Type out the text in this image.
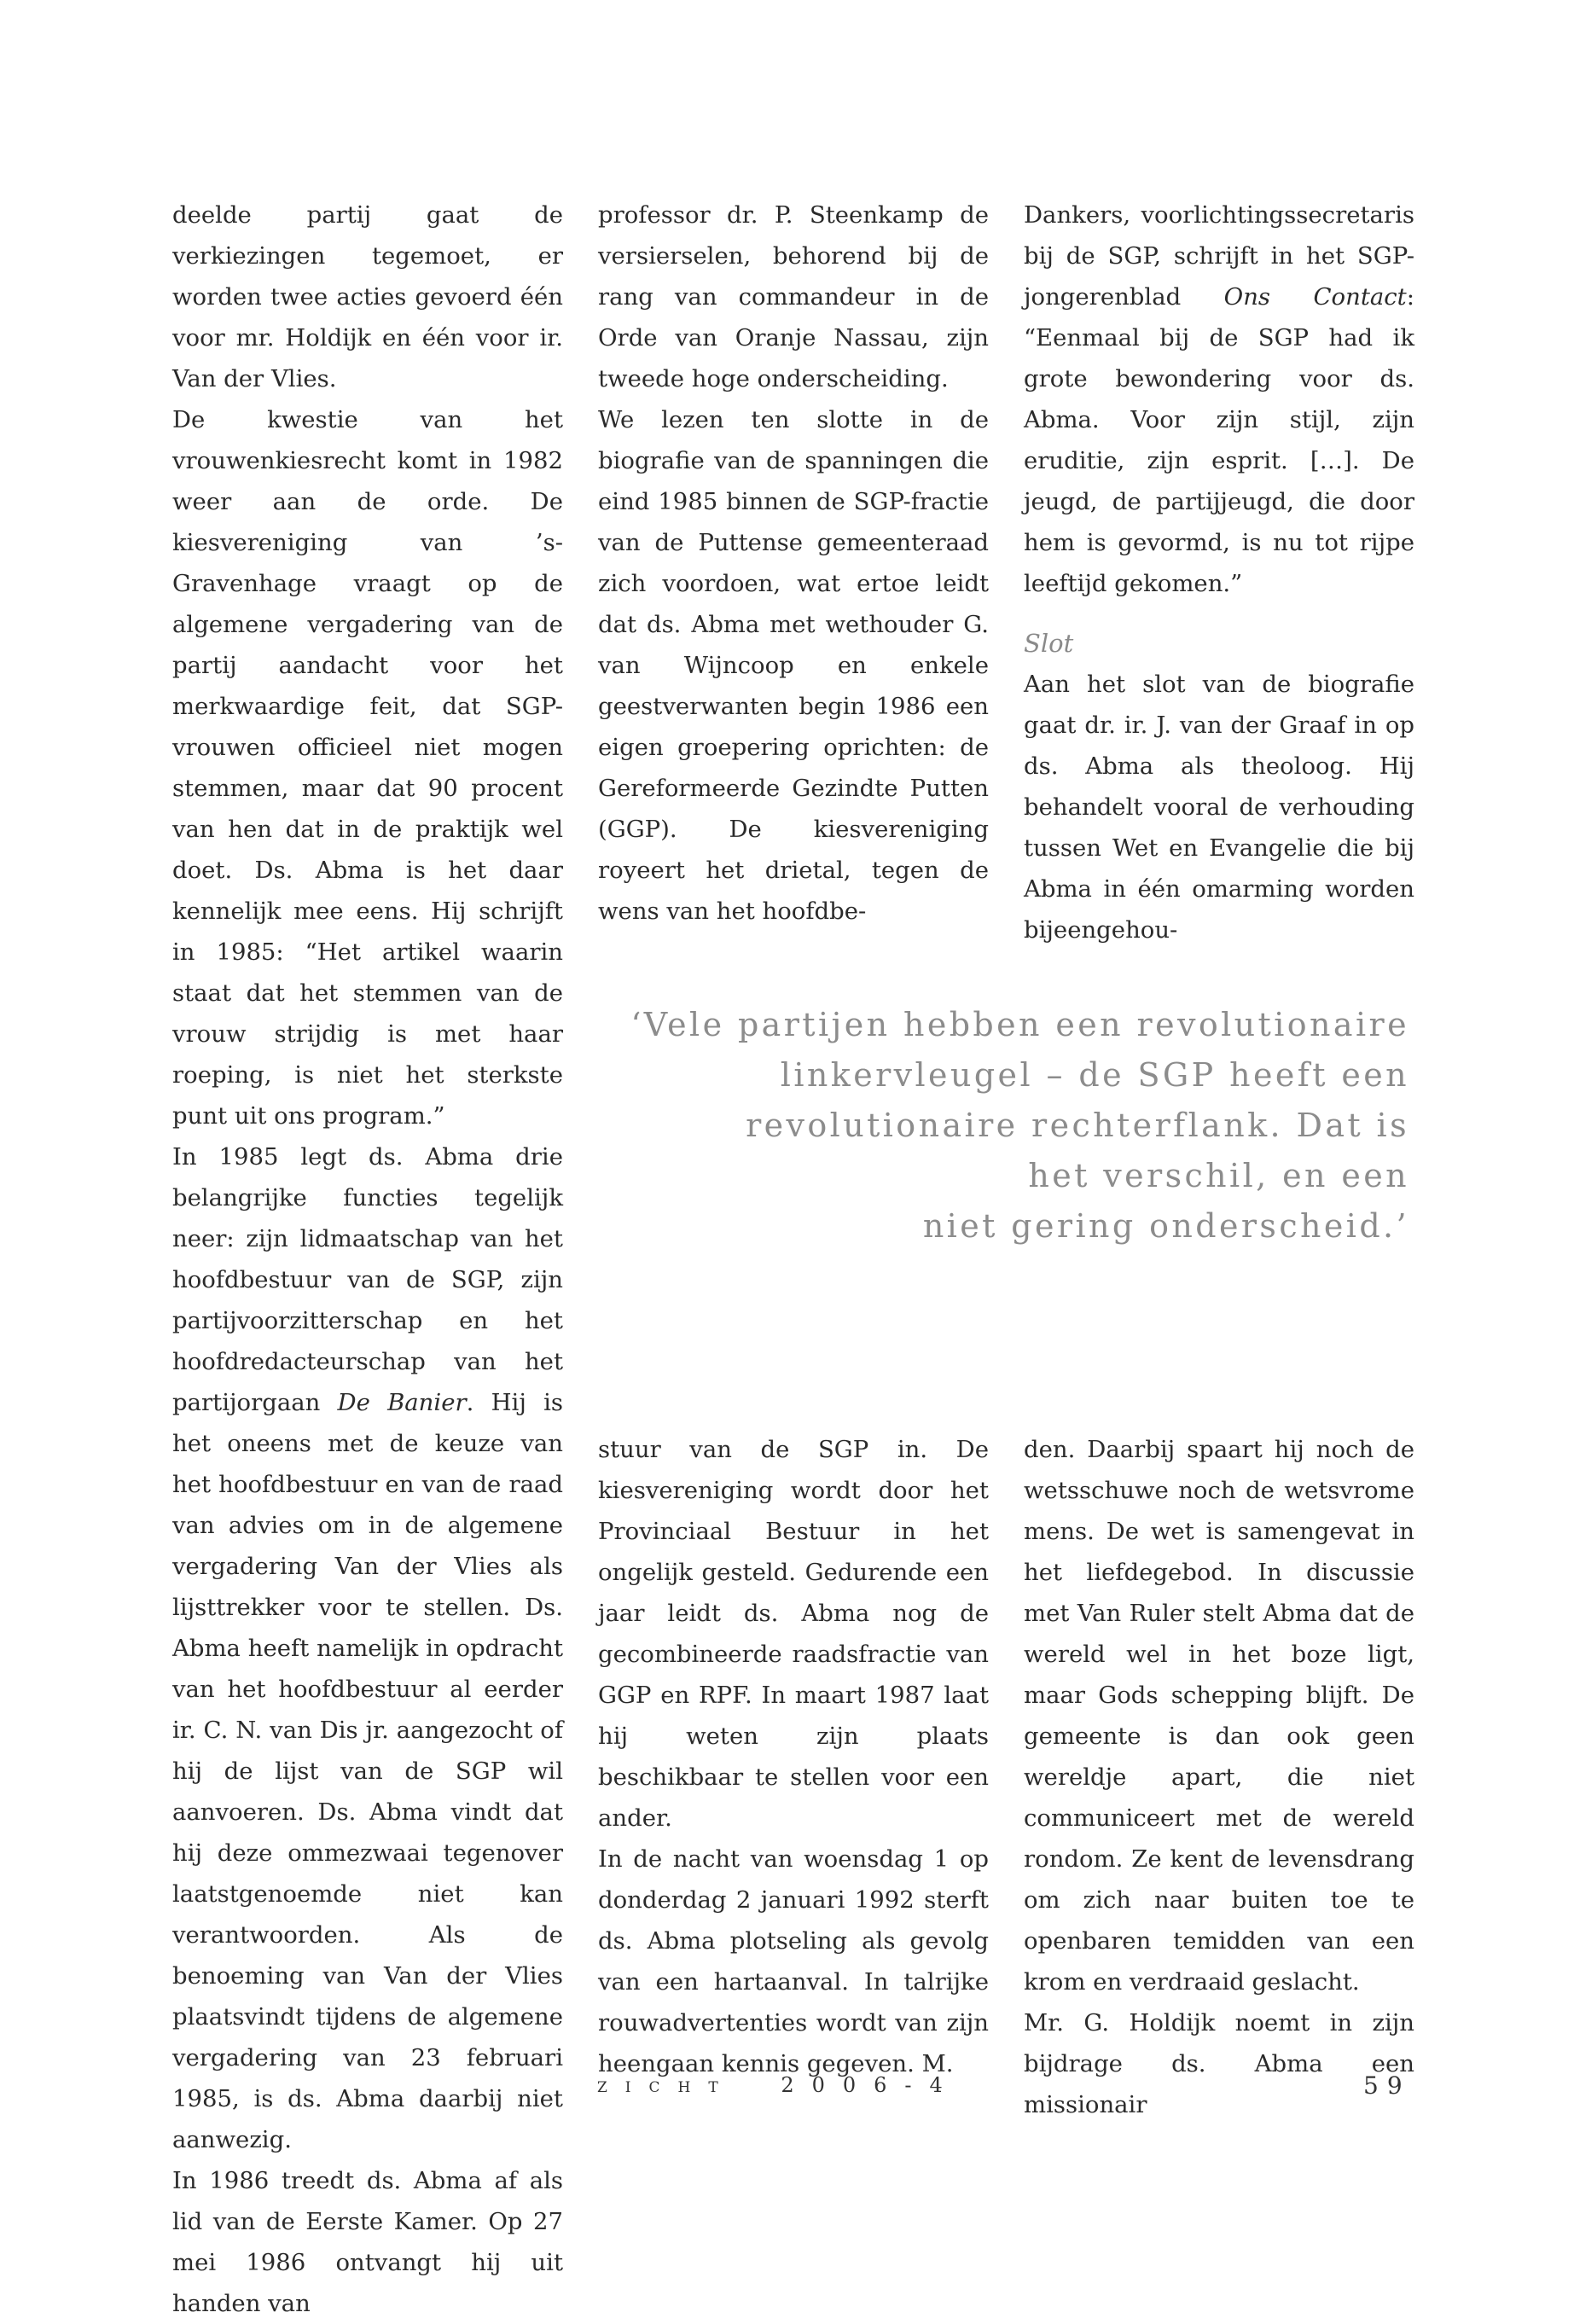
deelde partij gaat de verkiezingen tegemoet, er worden twee acties gevoerd één voor mr. Holdijk en één voor ir. Van der Vlies.

De kwestie van het vrouwenkiesrecht komt in 1982 weer aan de orde. De kiesvereniging van ’s-Gravenhage vraagt op de algemene vergadering van de partij aandacht voor het merkwaardige feit, dat SGP-vrouwen officieel niet mogen stemmen, maar dat 90 procent van hen dat in de praktijk wel doet. Ds. Abma is het daar kennelijk mee eens. Hij schrijft in 1985: “Het artikel waarin staat dat het stemmen van de vrouw strijdig is met haar roeping, is niet het sterkste punt uit ons program.”

In 1985 legt ds. Abma drie belangrijke functies tegelijk neer: zijn lidmaatschap van het hoofdbestuur van de SGP, zijn partijvoorzitterschap en het hoofdredacteurschap van het partijorgaan De Banier. Hij is het oneens met de keuze van het hoofdbestuur en van de raad van advies om in de algemene vergadering Van der Vlies als lijsttrekker voor te stellen. Ds. Abma heeft namelijk in opdracht van het hoofdbestuur al eerder ir. C. N. van Dis jr. aangezocht of hij de lijst van de SGP wil aanvoeren. Ds. Abma vindt dat hij deze ommezwaai tegenover laatstgenoemde niet kan verantwoorden. Als de benoeming van Van der Vlies plaatsvindt tijdens de algemene vergadering van 23 februari 1985, is ds. Abma daarbij niet aanwezig.

In 1986 treedt ds. Abma af als lid van de Eerste Kamer. Op 27 mei 1986 ontvangt hij uit handen van

professor dr. P. Steenkamp de versierselen, behorend bij de rang van commandeur in de Orde van Oranje Nassau, zijn tweede hoge onderscheiding.

We lezen ten slotte in de biografie van de spanningen die eind 1985 binnen de SGP-fractie van de Puttense gemeenteraad zich voordoen, wat ertoe leidt dat ds. Abma met wethouder G. van Wijncoop en enkele geestverwanten begin 1986 een eigen groepering oprichten: de Gereformeerde Gezindte Putten (GGP). De kiesvereniging royeert het drietal, tegen de wens van het hoofdbe-

Dankers, voorlichtingssecretaris bij de SGP, schrijft in het SGP-jongerenblad Ons Contact: “Eenmaal bij de SGP had ik grote bewondering voor ds. Abma. Voor zijn stijl, zijn eruditie, zijn esprit. […]. De jeugd, de partijjeugd, die door hem is gevormd, is nu tot rijpe leeftijd gekomen.”

Slot

Aan het slot van de biografie gaat dr. ir. J. van der Graaf in op ds. Abma als theoloog. Hij behandelt vooral de verhouding tussen Wet en Evangelie die bij Abma in één omarming worden bijeengehou-

‘Vele partijen hebben een revolutionaire
linkervleugel – de SGP heeft een
revolutionaire rechterflank. Dat is
het verschil, en een
niet gering onderscheid.’

stuur van de SGP in. De kiesvereniging wordt door het Provinciaal Bestuur in het ongelijk gesteld. Gedurende een jaar leidt ds. Abma nog de gecombineerde raadsfractie van GGP en RPF. In maart 1987 laat hij weten zijn plaats beschikbaar te stellen voor een ander.

In de nacht van woensdag 1 op donderdag 2 januari 1992 sterft ds. Abma plotseling als gevolg van een hartaanval. In talrijke rouwadvertenties wordt van zijn heengaan kennis gegeven. M.

den. Daarbij spaart hij noch de wetsschuwe noch de wetsvrome mens. De wet is samengevat in het liefdegebod. In discussie met Van Ruler stelt Abma dat de wereld wel in het boze ligt, maar Gods schepping blijft. De gemeente is dan ook geen wereldje apart, die niet communiceert met de wereld rondom. Ze kent de levensdrang om zich naar buiten toe te openbaren temidden van een krom en verdraaid geslacht.

Mr. G. Holdijk noemt in zijn bijdrage ds. Abma een missionair

zicht 2006-4	59
